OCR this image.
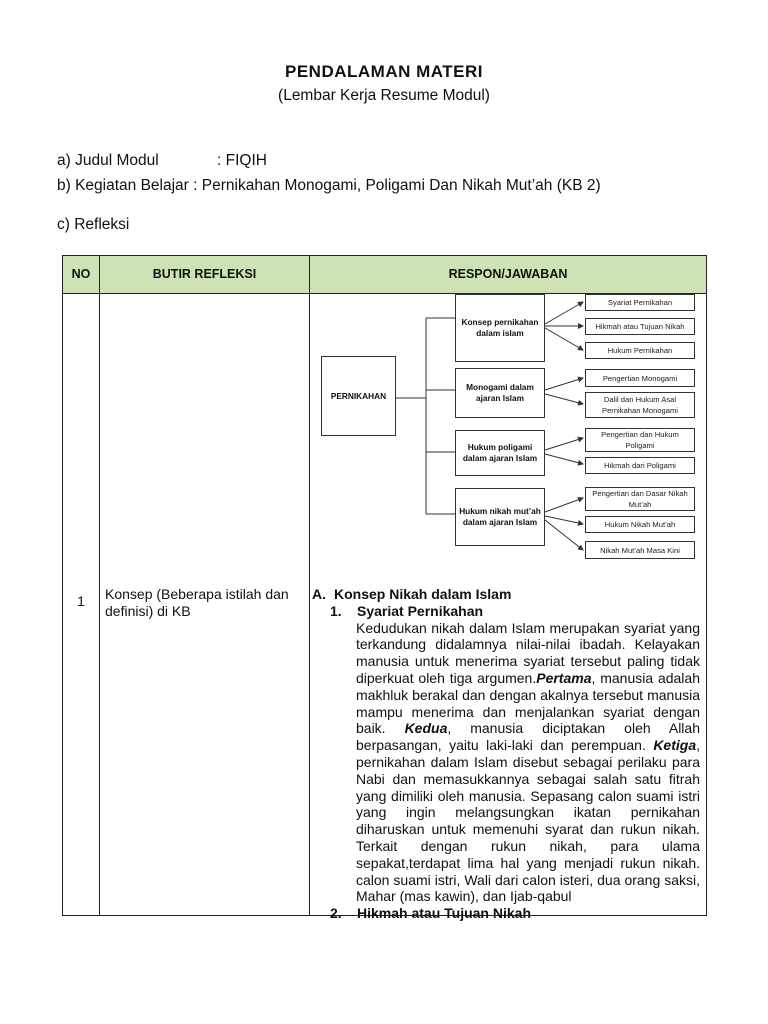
PENDALAMAN MATERI
(Lembar Kerja Resume Modul)
a) Judul Modul	: FIQIH
b) Kegiatan Belajar : Pernikahan Monogami, Poligami Dan Nikah Mut’ah (KB 2)
c) Refleksi
NO	BUTIR REFLEKSI	RESPON/JAWABAN
1	Konsep (Beberapa istilah dan definisi) di KB
PERNIKAHAN
Konsep pernikahan dalam islam
Monogami dalam ajaran Islam
Hukum poligami dalam ajaran Islam
Hukum nikah mut’ah dalam ajaran Islam
Syariat Pernikahan
Hikmah atau Tujuan Nikah
Hukum Pernikahan
Pengertian Monogami
Dalil dan Hukum Asal Pernikahan Monogami
Pengertian dan Hukum Poligami
Hikmah dari Poligami
Pengertian dan Dasar Nikah Mut’ah
Hukum Nikah Mut’ah
Nikah Mut’ah Masa Kini
A. Konsep Nikah dalam Islam
1. Syariat Pernikahan
Kedudukan nikah dalam Islam merupakan syariat yang terkandung didalamnya nilai-nilai ibadah. Kelayakan manusia untuk menerima syariat tersebut paling tidak diperkuat oleh tiga argumen.Pertama, manusia adalah makhluk berakal dan dengan akalnya tersebut manusia mampu menerima dan menjalankan syariat dengan baik. Kedua, manusia diciptakan oleh Allah berpasangan, yaitu laki-laki dan perempuan. Ketiga, pernikahan dalam Islam disebut sebagai perilaku para Nabi dan memasukkannya sebagai salah satu fitrah yang dimiliki oleh manusia. Sepasang calon suami istri yang ingin melangsungkan ikatan pernikahan diharuskan untuk memenuhi syarat dan rukun nikah. Terkait dengan rukun nikah, para ulama sepakat,terdapat lima hal yang menjadi rukun nikah. calon suami istri, Wali dari calon isteri, dua orang saksi, Mahar (mas kawin), dan Ijab-qabul
2. Hikmah atau Tujuan Nikah
